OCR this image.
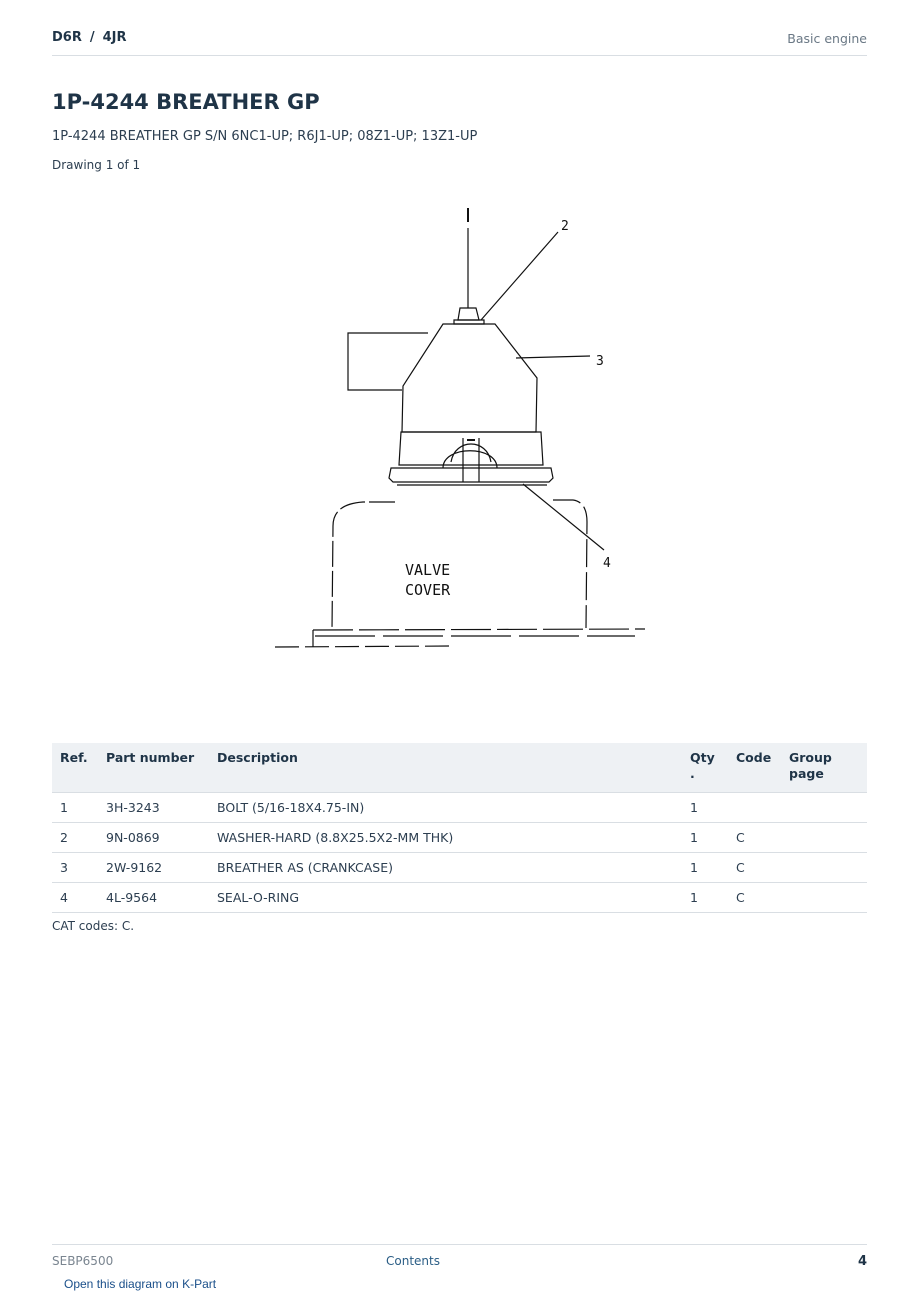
D6R / 4JR	Basic engine
1P-4244 BREATHER GP
1P-4244 BREATHER GP S/N 6NC1-UP; R6J1-UP; 08Z1-UP; 13Z1-UP
Drawing 1 of 1
2
3
4
VALVE
COVER
Ref.	Part number	Description	Qty .	Code	Group page
1	3H-3243	BOLT (5/16-18X4.75-IN)	1		
2	9N-0869	WASHER-HARD (8.8X25.5X2-MM THK)	1	C	
3	2W-9162	BREATHER AS (CRANKCASE)	1	C	
4	4L-9564	SEAL-O-RING	1	C	
CAT codes: C.
SEBP6500	Contents	4
Open this diagram on K-Part
